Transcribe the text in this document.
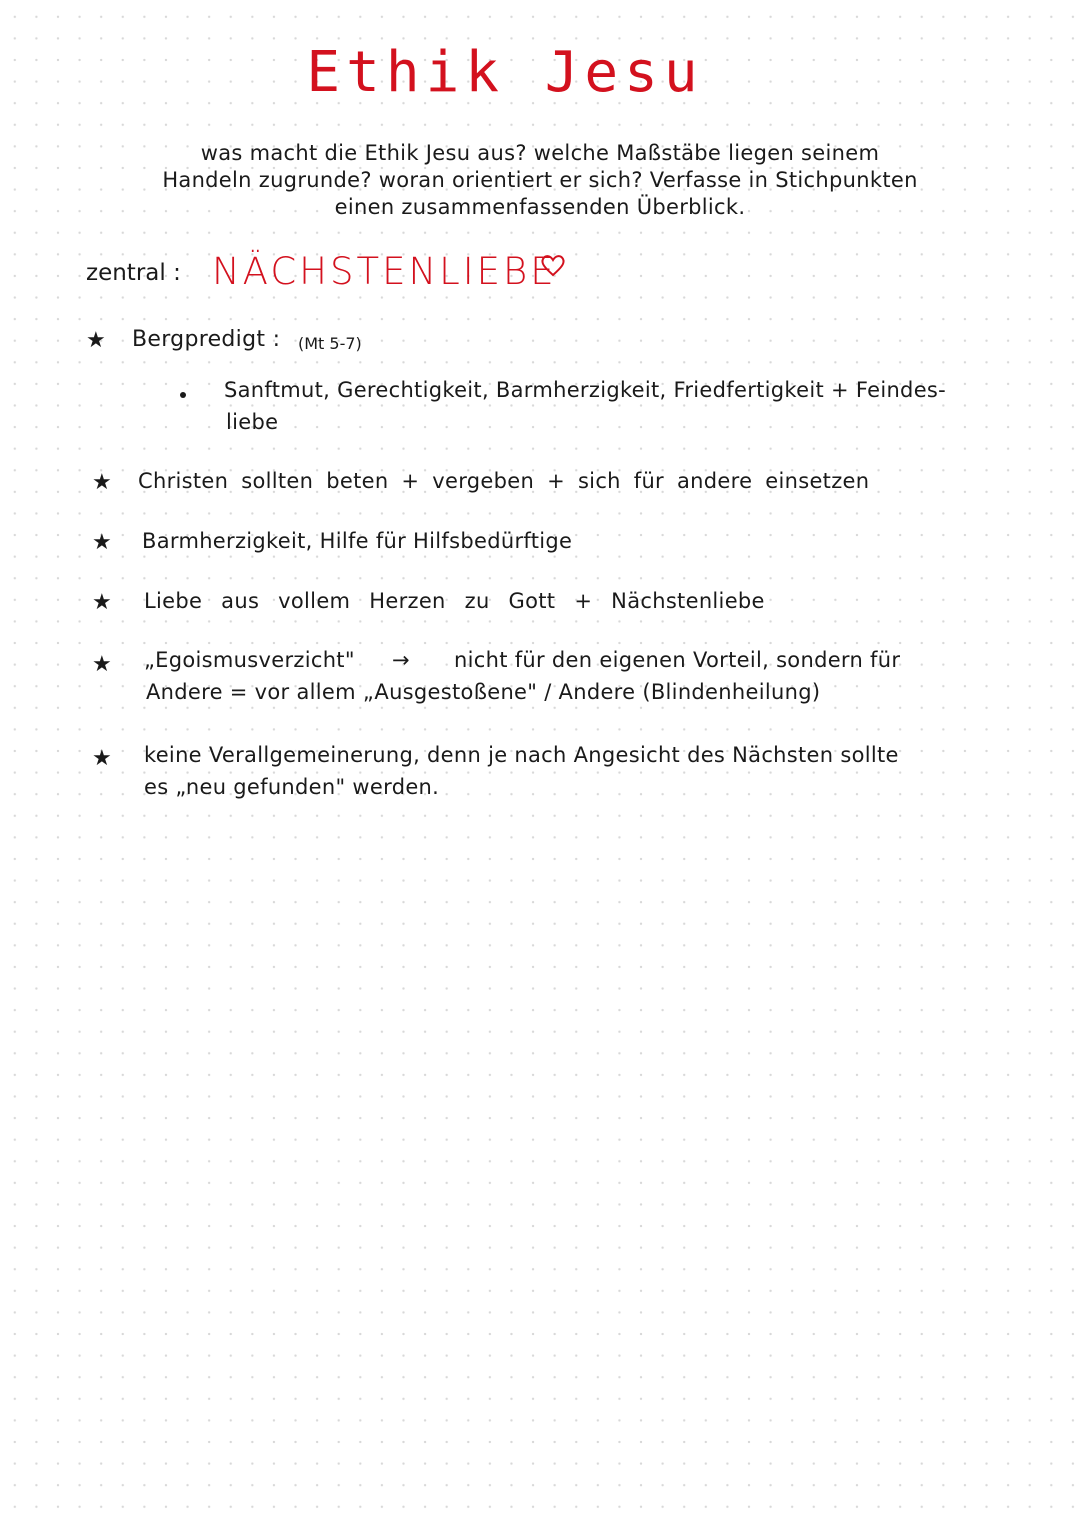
Ethik Jesu
was macht die Ethik Jesu aus? welche Maßstäbe liegen seinem
Handeln zugrunde? woran orientiert er sich? Verfasse in Stichpunkten
einen zusammenfassenden Überblick.
zentral : NÄCHSTENLIEBE
★ Bergpredigt : (Mt 5-7)
Sanftmut, Gerechtigkeit, Barmherzigkeit, Friedfertigkeit + Feindes-
liebe
★ Christen sollten beten + vergeben + sich für andere einsetzen
★ Barmherzigkeit, Hilfe für Hilfsbedürftige
★ Liebe aus vollem Herzen zu Gott + Nächstenliebe
★ „Egoismusverzicht" → nicht für den eigenen Vorteil, sondern für
Andere = vor allem „Ausgestoßene" / Andere (Blindenheilung)
★ keine Verallgemeinerung, denn je nach Angesicht des Nächsten sollte
es „neu gefunden" werden.
